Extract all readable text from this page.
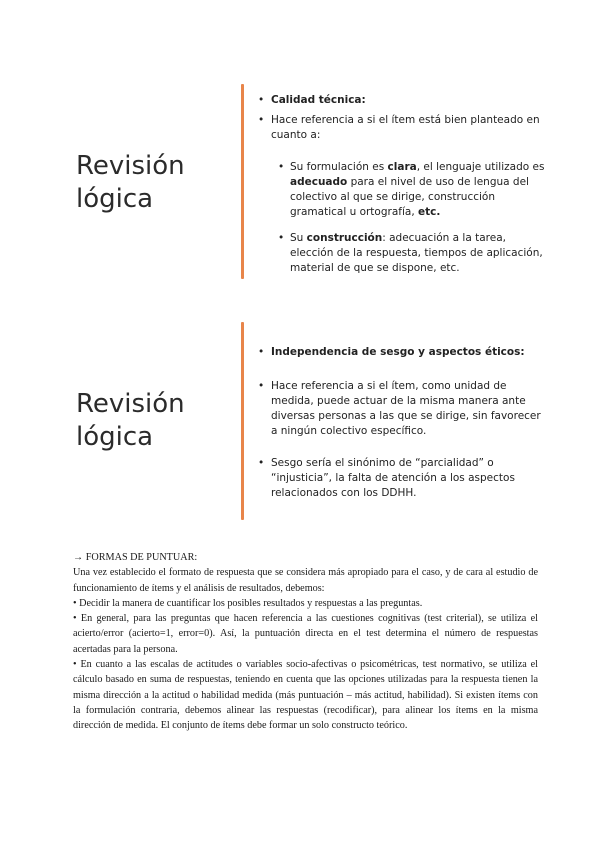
Revisión
lógica
• Calidad técnica:
• Hace referencia a si el ítem está bien planteado en cuanto a:
• Su formulación es clara, el lenguaje utilizado es adecuado para el nivel de uso de lengua del colectivo al que se dirige, construcción gramatical u ortografía, etc.
• Su construcción: adecuación a la tarea, elección de la respuesta, tiempos de aplicación, material de que se dispone, etc.
Revisión
lógica
• Independencia de sesgo y aspectos éticos:
• Hace referencia a si el ítem, como unidad de medida, puede actuar de la misma manera ante diversas personas a las que se dirige, sin favorecer a ningún colectivo específico.
• Sesgo sería el sinónimo de “parcialidad” o “injusticia”, la falta de atención a los aspectos relacionados con los DDHH.

→ FORMAS DE PUNTUAR:

Una vez establecido el formato de respuesta que se considera más apropiado para el caso, y de cara al estudio de funcionamiento de ítems y el análisis de resultados, debemos:

• Decidir la manera de cuantificar los posibles resultados y respuestas a las preguntas.

• En general, para las preguntas que hacen referencia a las cuestiones cognitivas (test criterial), se utiliza el acierto/error (acierto=1, error=0). Así, la puntuación directa en el test determina el número de respuestas acertadas para la persona.

• En cuanto a las escalas de actitudes o variables socio-afectivas o psicométricas, test normativo, se utiliza el cálculo basado en suma de respuestas, teniendo en cuenta que las opciones utilizadas para la respuesta tienen la misma dirección a la actitud o habilidad medida (más puntuación – más actitud, habilidad). Si existen ítems con la formulación contraria, debemos alinear las respuestas (recodificar), para alinear los ítems en la misma dirección de medida. El conjunto de ítems debe formar un solo constructo teórico.
